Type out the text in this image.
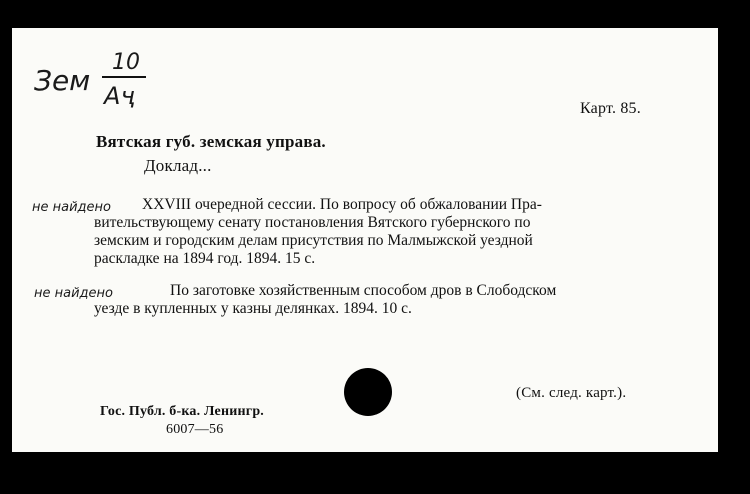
Зем
10
Аҷ	Карт. 85.
Вятская губ. земская управа.
Доклад...
не найдено XXVIII очередной сессии. По вопросу об обжаловании Пра-
вительствующему сенату постановления Вятского губернского по
земским и городским делам присутствия по Малмыжской уездной
раскладке на 1894 год. 1894. 15 с.
не найдено	По заготовке хозяйственным способом дров в Слободском
уезде в купленных у казны делянках. 1894. 10 с.
(См. след. карт.).
Гос. Публ. б-ка. Ленингр.
6007—56
